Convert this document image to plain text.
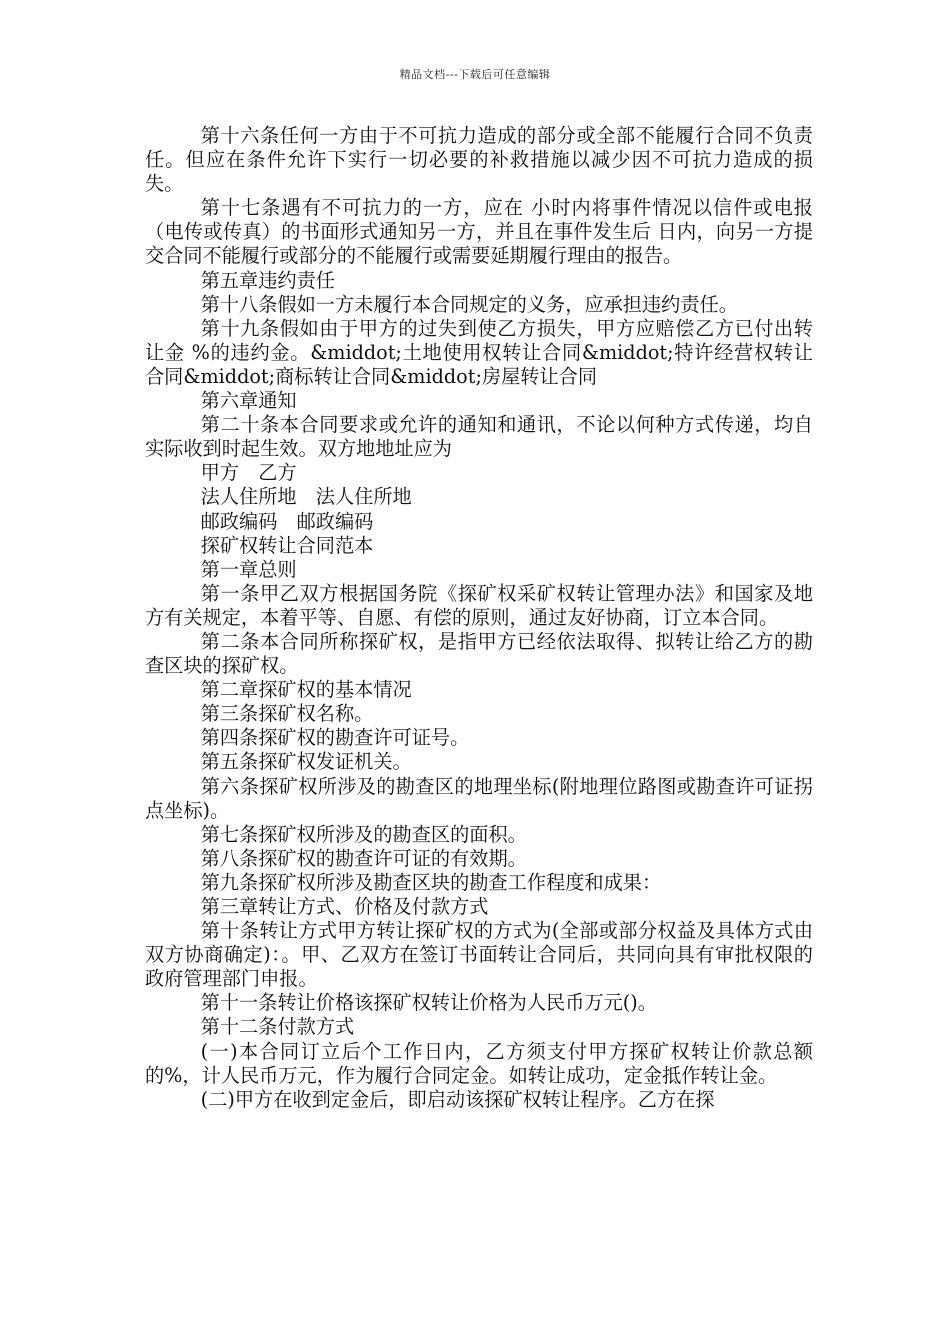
精品文档---下载后可任意编辑

第十六条任何一方由于不可抗力造成的部分或全部不能履行合同不负责任。但应在条件允许下实行一切必要的补救措施以减少因不可抗力造成的损失。

第十七条遇有不可抗力的一方，应在 小时内将事件情况以信件或电报（电传或传真）的书面形式通知另一方，并且在事件发生后 日内，向另一方提交合同不能履行或部分的不能履行或需要延期履行理由的报告。

第五章违约责任

第十八条假如一方未履行本合同规定的义务，应承担违约责任。

第十九条假如由于甲方的过失到使乙方损失，甲方应赔偿乙方已付出转让金 %的违约金。&middot;土地使用权转让合同&middot;特许经营权转让合同&middot;商标转让合同&middot;房屋转让合同

第六章通知

第二十条本合同要求或允许的通知和通讯，不论以何种方式传递，均自实际收到时起生效。双方地地址应为

甲方　乙方

法人住所地　法人住所地

邮政编码　邮政编码

探矿权转让合同范本

第一章总则

第一条甲乙双方根据国务院《探矿权采矿权转让管理办法》和国家及地方有关规定，本着平等、自愿、有偿的原则，通过友好协商，订立本合同。

第二条本合同所称探矿权，是指甲方已经依法取得、拟转让给乙方的勘查区块的探矿权。

第二章探矿权的基本情况

第三条探矿权名称。

第四条探矿权的勘查许可证号。

第五条探矿权发证机关。

第六条探矿权所涉及的勘查区的地理坐标(附地理位路图或勘查许可证拐点坐标)。

第七条探矿权所涉及的勘查区的面积。

第八条探矿权的勘查许可证的有效期。

第九条探矿权所涉及勘查区块的勘查工作程度和成果：

第三章转让方式、价格及付款方式

第十条转让方式甲方转让探矿权的方式为(全部或部分权益及具体方式由双方协商确定)：。甲、乙双方在签订书面转让合同后，共同向具有审批权限的政府管理部门申报。

第十一条转让价格该探矿权转让价格为人民币万元()。

第十二条付款方式

(一)本合同订立后个工作日内，乙方须支付甲方探矿权转让价款总额的%，计人民币万元，作为履行合同定金。如转让成功，定金抵作转让金。

(二)甲方在收到定金后，即启动该探矿权转让程序。乙方在探
